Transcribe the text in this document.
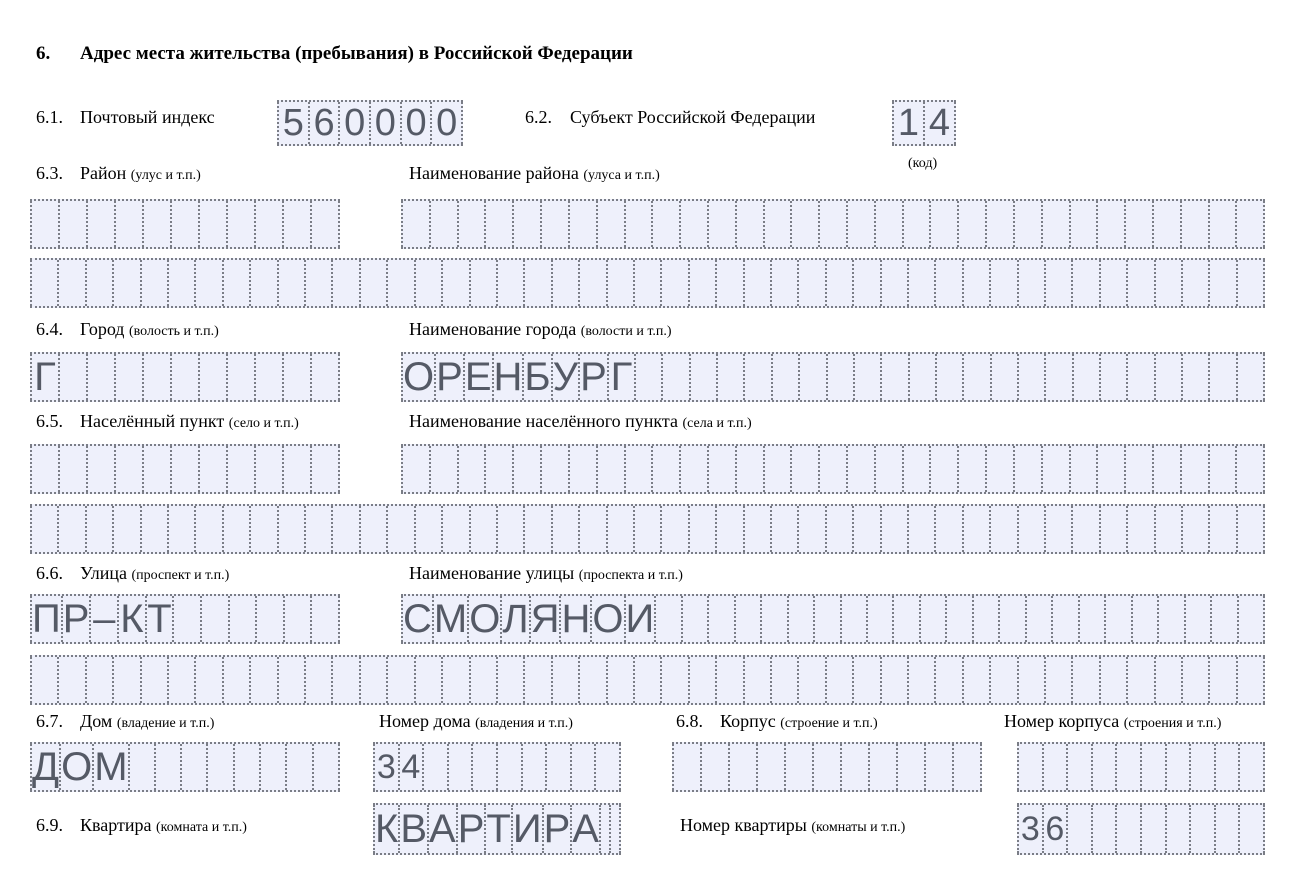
6. Адрес места жительства (пребывания) в Российской Федерации
6.1. Почтовый индекс 5 6 0 0 0 0	6.2. Субъект Российской Федерации 1 4
(код)
6.3. Район (улус и т.п.)	Наименование района (улуса и т.п.)
6.4. Город (волость и т.п.)	Наименование города (волости и т.п.)
Г	О Р Е Н Б У Р Г
6.5. Населённый пункт (село и т.п.)	Наименование населённого пункта (села и т.п.)
6.6. Улица (проспект и т.п.)	Наименование улицы (проспекта и т.п.)
П Р – К Т	С М О Л Я Н О И
6.7. Дом (владение и т.п.)	Номер дома (владения и т.п.)	6.8. Корпус (строение и т.п.)	Номер корпуса (строения и т.п.)
Д О М	3 4
6.9. Квартира (комната и т.п.)	К В А Р Т И Р А	Номер квартиры (комнаты и т.п.)	3 6
